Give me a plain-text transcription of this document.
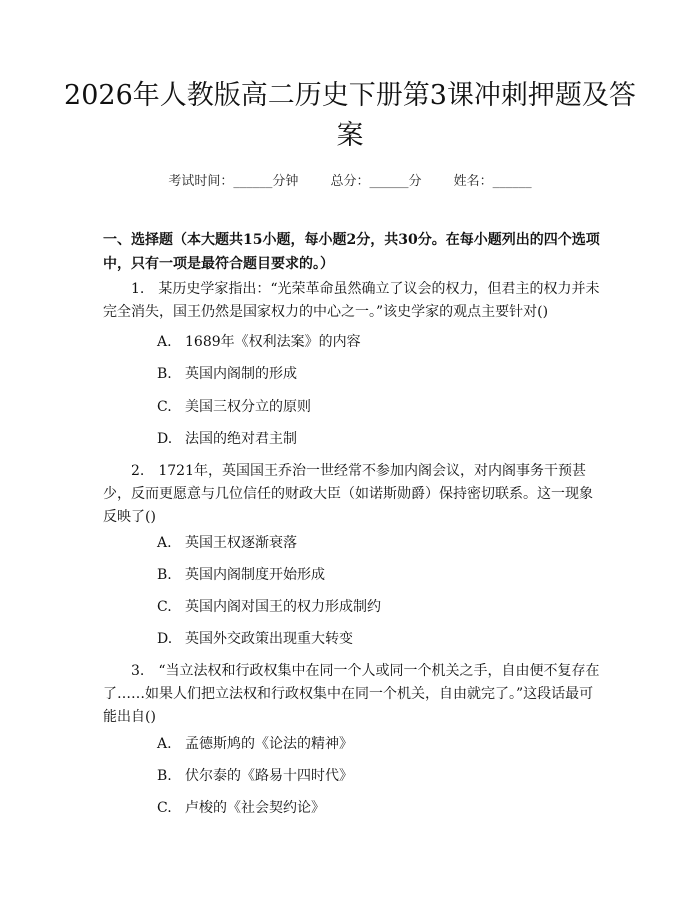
2026年人教版高二历史下册第3课冲刺押题及答案
考试时间：______分钟 总分：______分 姓名：______

一、选择题（本大题共15小题，每小题2分，共30分。在每小题列出的四个选项中，只有一项是最符合题目要求的。）

1.　某历史学家指出：“光荣革命虽然确立了议会的权力，但君主的权力并未完全消失，国王仍然是国家权力的中心之一。”该史学家的观点主要针对()

A. 1689年《权利法案》的内容
B. 英国内阁制的形成
C. 美国三权分立的原则
D. 法国的绝对君主制

2.　1721年，英国国王乔治一世经常不参加内阁会议，对内阁事务干预甚少，反而更愿意与几位信任的财政大臣（如诺斯勋爵）保持密切联系。这一现象反映了()

A. 英国王权逐渐衰落
B. 英国内阁制度开始形成
C. 英国内阁对国王的权力形成制约
D. 英国外交政策出现重大转变

3.　“当立法权和行政权集中在同一个人或同一个机关之手，自由便不复存在了……如果人们把立法权和行政权集中在同一个机关，自由就完了。”这段话最可能出自()

A. 孟德斯鸠的《论法的精神》
B. 伏尔泰的《路易十四时代》
C. 卢梭的《社会契约论》
